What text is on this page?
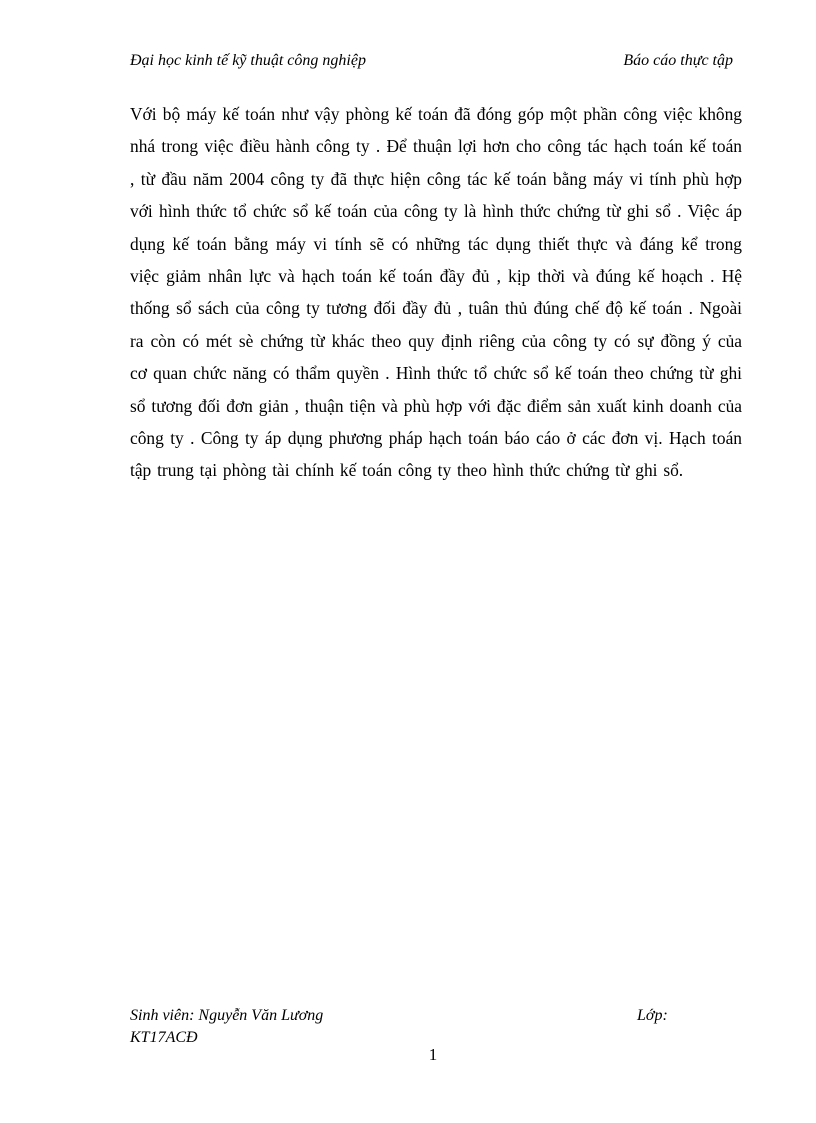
Đại học kinh tế kỹ thuật công nghiệp	Báo cáo thực tập

Với bộ máy kế toán như vậy phòng kế toán đã đóng góp một phần công việc không nhá trong việc điều hành công ty . Để thuận lợi hơn cho công tác hạch toán kế toán , từ đầu năm 2004 công ty đã thực hiện công tác kế toán bằng máy vi tính phù hợp với hình thức tổ chức sổ kế toán của công ty là hình thức chứng từ ghi sổ . Việc áp dụng kế toán bằng máy vi tính sẽ có những tác dụng thiết thực và đáng kể trong việc giảm nhân lực và hạch toán kế toán đầy đủ , kịp thời và đúng kế hoạch . Hệ thống sổ sách của công ty tương đối đầy đủ , tuân thủ đúng chế độ kế toán . Ngoài ra còn có mét sè chứng từ khác theo quy định riêng của công ty có sự đồng ý của cơ quan chức năng có thẩm quyền . Hình thức tổ chức sổ kế toán theo chứng từ ghi sổ tương đối đơn giản , thuận tiện và phù hợp với đặc điểm sản xuất kinh doanh của công ty . Công ty áp dụng phương pháp hạch toán báo cáo ở các đơn vị. Hạch toán tập trung tại phòng tài chính kế toán công ty theo hình thức chứng từ ghi sổ.

Sinh viên: Nguyễn Văn Lương	Lớp:
KT17ACĐ
1
